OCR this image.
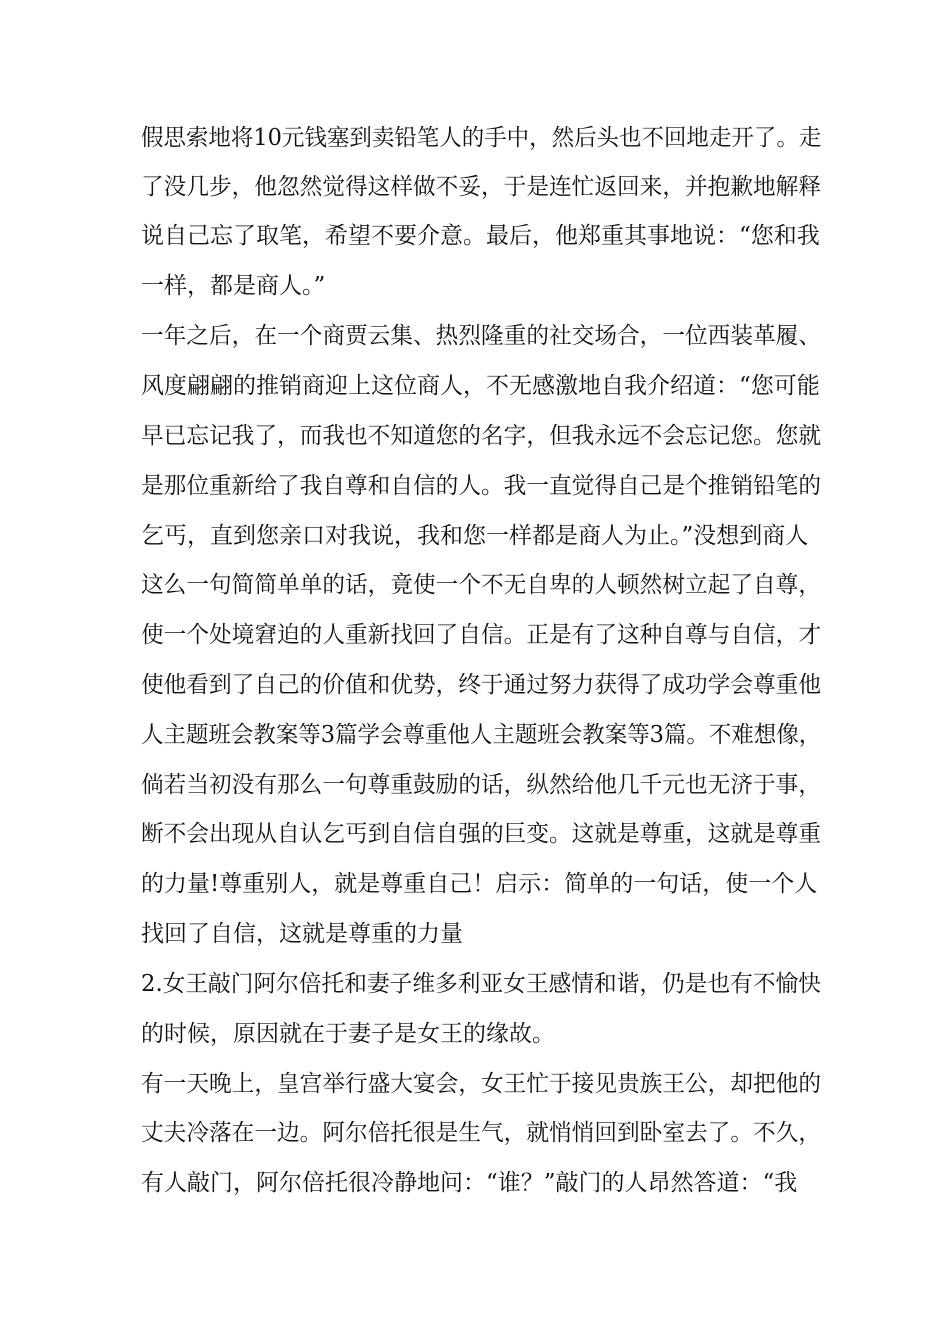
假思索地将10元钱塞到卖铅笔人的手中，然后头也不回地走开了。走
了没几步，他忽然觉得这样做不妥，于是连忙返回来，并抱歉地解释
说自己忘了取笔，希望不要介意。最后，他郑重其事地说：“您和我
一样，都是商人。”
一年之后，在一个商贾云集、热烈隆重的社交场合，一位西装革履、
风度翩翩的推销商迎上这位商人，不无感激地自我介绍道：“您可能
早已忘记我了，而我也不知道您的名字，但我永远不会忘记您。您就
是那位重新给了我自尊和自信的人。我一直觉得自己是个推销铅笔的
乞丐，直到您亲口对我说，我和您一样都是商人为止。”没想到商人
这么一句简简单单的话，竟使一个不无自卑的人顿然树立起了自尊，
使一个处境窘迫的人重新找回了自信。正是有了这种自尊与自信，才
使他看到了自己的价值和优势，终于通过努力获得了成功学会尊重他
人主题班会教案等3篇学会尊重他人主题班会教案等3篇。不难想像，
倘若当初没有那么一句尊重鼓励的话，纵然给他几千元也无济于事，
断不会出现从自认乞丐到自信自强的巨变。这就是尊重，这就是尊重
的力量!尊重别人，就是尊重自己！启示：简单的一句话，使一个人
找回了自信，这就是尊重的力量
2.女王敲门阿尔倍托和妻子维多利亚女王感情和谐，仍是也有不愉快
的时候，原因就在于妻子是女王的缘故。
有一天晚上，皇宫举行盛大宴会，女王忙于接见贵族王公，却把他的
丈夫冷落在一边。阿尔倍托很是生气，就悄悄回到卧室去了。不久，
有人敲门，阿尔倍托很冷静地问：“谁？”敲门的人昂然答道：“我
